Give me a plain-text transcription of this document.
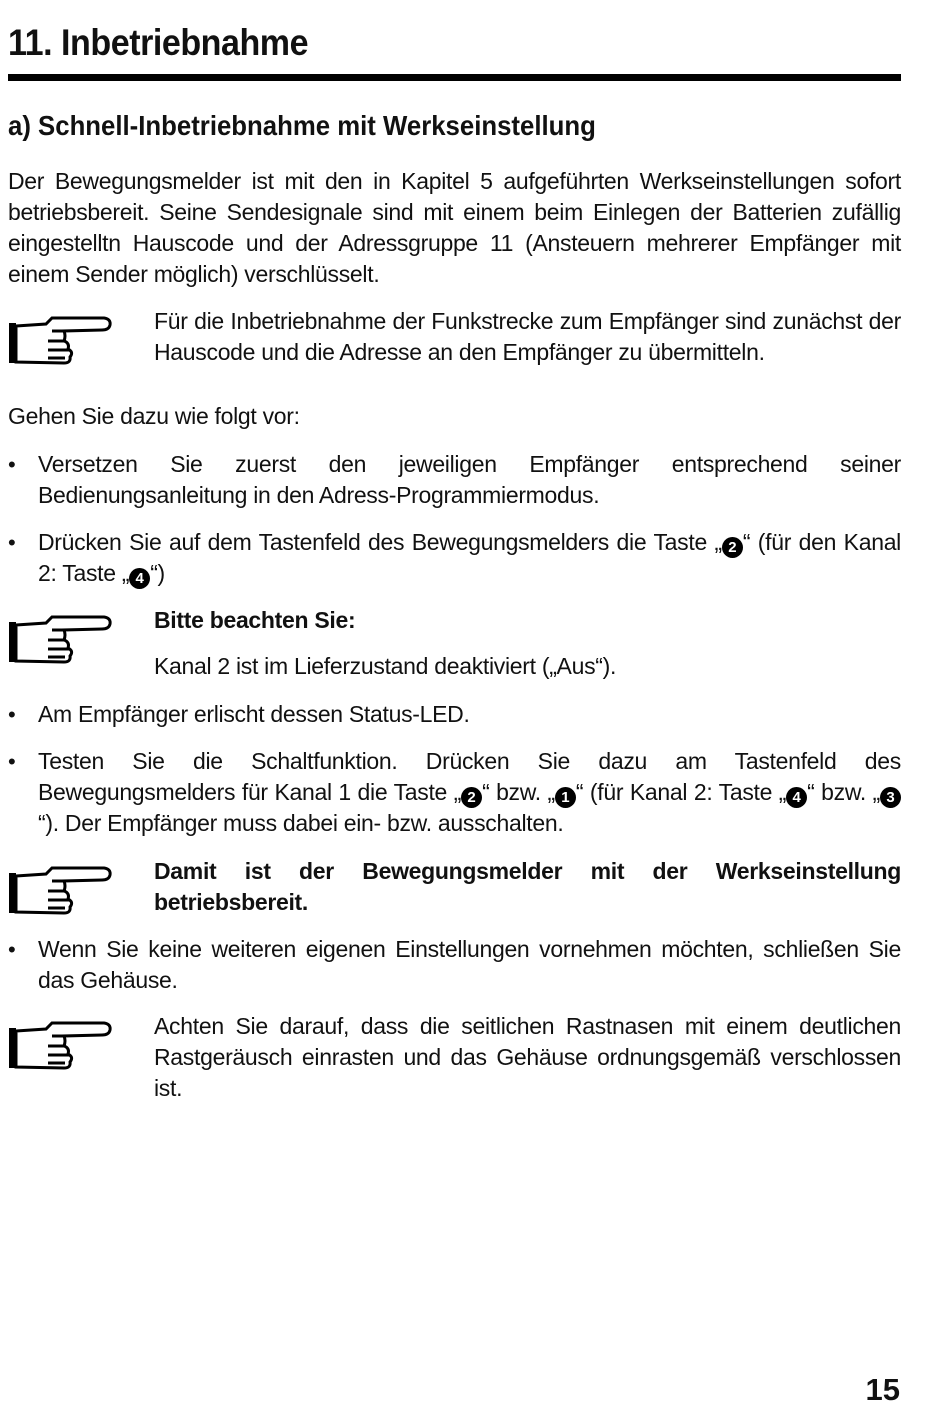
11. Inbetriebnahme
a) Schnell-Inbetriebnahme mit Werkseinstellung

Der Bewegungsmelder ist mit den in Kapitel 5 aufgeführten Werkseinstellungen sofort betriebsbereit. Seine Sendesignale sind mit einem beim Einlegen der Batterien zufällig eingestelltn Hauscode und der Adressgruppe 11 (Ansteuern mehrerer Empfänger mit einem Sender möglich) verschlüsselt.

Für die Inbetriebnahme der Funkstrecke zum Empfänger sind zunächst der Hauscode und die Adresse an den Empfänger zu übermitteln.

Gehen Sie dazu wie folgt vor:

• Versetzen Sie zuerst den jeweiligen Empfänger entsprechend seiner Bedienungsanleitung in den Adress-Programmiermodus.

• Drücken Sie auf dem Tastenfeld des Bewegungsmelders die Taste „ 2 “ (für den Kanal 2: Taste „ 4 “)

Bitte beachten Sie:

Kanal 2 ist im Lieferzustand deaktiviert („Aus“).

• Am Empfänger erlischt dessen Status-LED.

• Testen Sie die Schaltfunktion. Drücken Sie dazu am Tastenfeld des Bewegungsmelders für Kanal 1 die Taste „ 2 “ bzw. „ 1 “ (für Kanal 2: Taste „ 4 “ bzw. „ 3“). Der Empfänger muss dabei ein- bzw. ausschalten.

Damit ist der Bewegungsmelder mit der Werkseinstellung betriebsbereit.

• Wenn Sie keine weiteren eigenen Einstellungen vornehmen möchten, schließen Sie das Gehäuse.

Achten Sie darauf, dass die seitlichen Rastnasen mit einem deutlichen Rastgeräusch einrasten und das Gehäuse ordnungsgemäß verschlossen ist.

15
